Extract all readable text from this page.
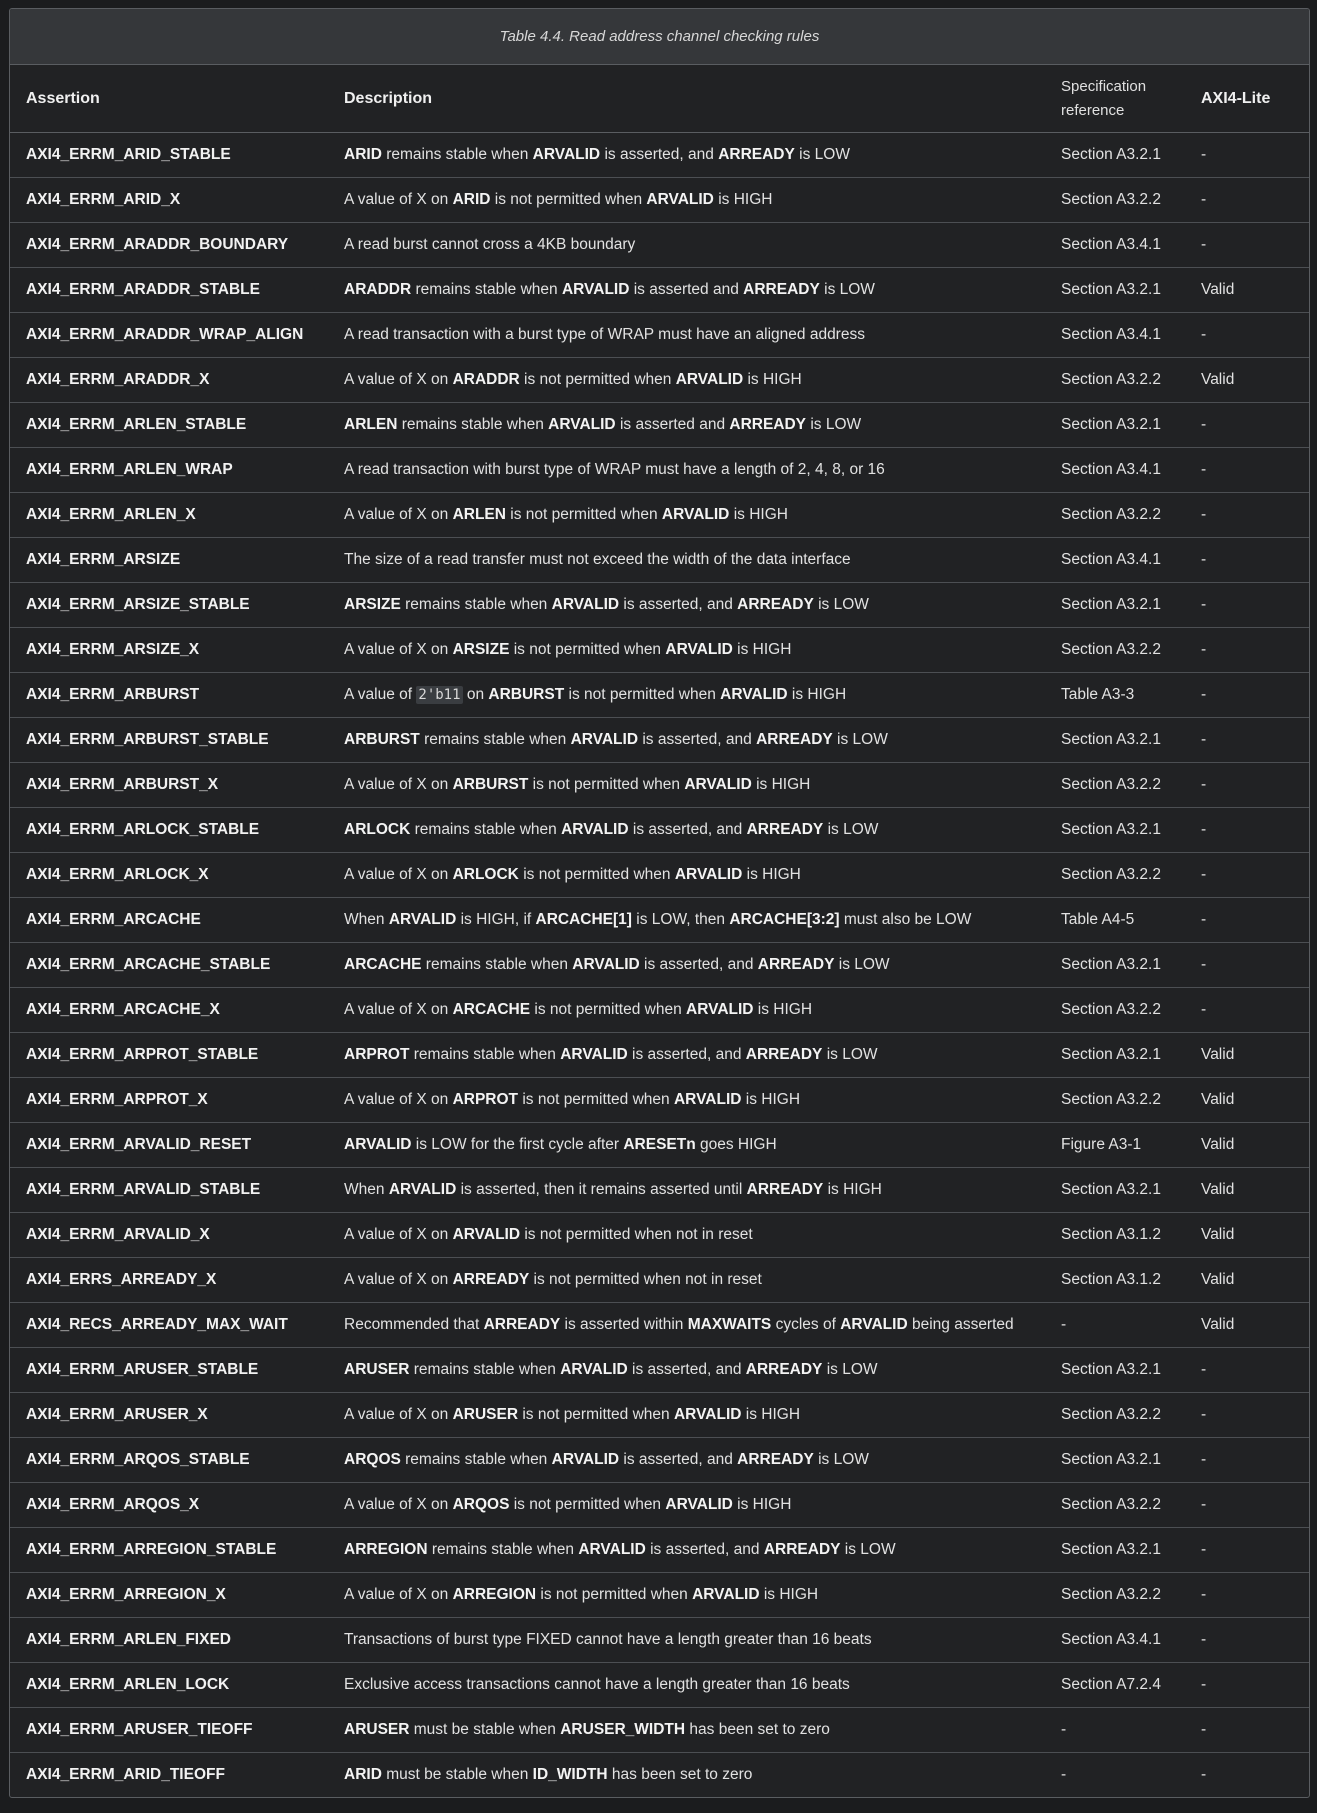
Table 4.4. Read address channel checking rules
Assertion	Description	Specification reference	AXI4-Lite
AXI4_ERRM_ARID_STABLE	ARID remains stable when ARVALID is asserted, and ARREADY is LOW	Section A3.2.1	-
AXI4_ERRM_ARID_X	A value of X on ARID is not permitted when ARVALID is HIGH	Section A3.2.2	-
AXI4_ERRM_ARADDR_BOUNDARY	A read burst cannot cross a 4KB boundary	Section A3.4.1	-
AXI4_ERRM_ARADDR_STABLE	ARADDR remains stable when ARVALID is asserted and ARREADY is LOW	Section A3.2.1	Valid
AXI4_ERRM_ARADDR_WRAP_ALIGN	A read transaction with a burst type of WRAP must have an aligned address	Section A3.4.1	-
AXI4_ERRM_ARADDR_X	A value of X on ARADDR is not permitted when ARVALID is HIGH	Section A3.2.2	Valid
AXI4_ERRM_ARLEN_STABLE	ARLEN remains stable when ARVALID is asserted and ARREADY is LOW	Section A3.2.1	-
AXI4_ERRM_ARLEN_WRAP	A read transaction with burst type of WRAP must have a length of 2, 4, 8, or 16	Section A3.4.1	-
AXI4_ERRM_ARLEN_X	A value of X on ARLEN is not permitted when ARVALID is HIGH	Section A3.2.2	-
AXI4_ERRM_ARSIZE	The size of a read transfer must not exceed the width of the data interface	Section A3.4.1	-
AXI4_ERRM_ARSIZE_STABLE	ARSIZE remains stable when ARVALID is asserted, and ARREADY is LOW	Section A3.2.1	-
AXI4_ERRM_ARSIZE_X	A value of X on ARSIZE is not permitted when ARVALID is HIGH	Section A3.2.2	-
AXI4_ERRM_ARBURST	A value of 2'b11 on ARBURST is not permitted when ARVALID is HIGH	Table A3-3	-
AXI4_ERRM_ARBURST_STABLE	ARBURST remains stable when ARVALID is asserted, and ARREADY is LOW	Section A3.2.1	-
AXI4_ERRM_ARBURST_X	A value of X on ARBURST is not permitted when ARVALID is HIGH	Section A3.2.2	-
AXI4_ERRM_ARLOCK_STABLE	ARLOCK remains stable when ARVALID is asserted, and ARREADY is LOW	Section A3.2.1	-
AXI4_ERRM_ARLOCK_X	A value of X on ARLOCK is not permitted when ARVALID is HIGH	Section A3.2.2	-
AXI4_ERRM_ARCACHE	When ARVALID is HIGH, if ARCACHE[1] is LOW, then ARCACHE[3:2] must also be LOW	Table A4-5	-
AXI4_ERRM_ARCACHE_STABLE	ARCACHE remains stable when ARVALID is asserted, and ARREADY is LOW	Section A3.2.1	-
AXI4_ERRM_ARCACHE_X	A value of X on ARCACHE is not permitted when ARVALID is HIGH	Section A3.2.2	-
AXI4_ERRM_ARPROT_STABLE	ARPROT remains stable when ARVALID is asserted, and ARREADY is LOW	Section A3.2.1	Valid
AXI4_ERRM_ARPROT_X	A value of X on ARPROT is not permitted when ARVALID is HIGH	Section A3.2.2	Valid
AXI4_ERRM_ARVALID_RESET	ARVALID is LOW for the first cycle after ARESETn goes HIGH	Figure A3-1	Valid
AXI4_ERRM_ARVALID_STABLE	When ARVALID is asserted, then it remains asserted until ARREADY is HIGH	Section A3.2.1	Valid
AXI4_ERRM_ARVALID_X	A value of X on ARVALID is not permitted when not in reset	Section A3.1.2	Valid
AXI4_ERRS_ARREADY_X	A value of X on ARREADY is not permitted when not in reset	Section A3.1.2	Valid
AXI4_RECS_ARREADY_MAX_WAIT	Recommended that ARREADY is asserted within MAXWAITS cycles of ARVALID being asserted	-	Valid
AXI4_ERRM_ARUSER_STABLE	ARUSER remains stable when ARVALID is asserted, and ARREADY is LOW	Section A3.2.1	-
AXI4_ERRM_ARUSER_X	A value of X on ARUSER is not permitted when ARVALID is HIGH	Section A3.2.2	-
AXI4_ERRM_ARQOS_STABLE	ARQOS remains stable when ARVALID is asserted, and ARREADY is LOW	Section A3.2.1	-
AXI4_ERRM_ARQOS_X	A value of X on ARQOS is not permitted when ARVALID is HIGH	Section A3.2.2	-
AXI4_ERRM_ARREGION_STABLE	ARREGION remains stable when ARVALID is asserted, and ARREADY is LOW	Section A3.2.1	-
AXI4_ERRM_ARREGION_X	A value of X on ARREGION is not permitted when ARVALID is HIGH	Section A3.2.2	-
AXI4_ERRM_ARLEN_FIXED	Transactions of burst type FIXED cannot have a length greater than 16 beats	Section A3.4.1	-
AXI4_ERRM_ARLEN_LOCK	Exclusive access transactions cannot have a length greater than 16 beats	Section A7.2.4	-
AXI4_ERRM_ARUSER_TIEOFF	ARUSER must be stable when ARUSER_WIDTH has been set to zero	-	-
AXI4_ERRM_ARID_TIEOFF	ARID must be stable when ID_WIDTH has been set to zero	-	-
